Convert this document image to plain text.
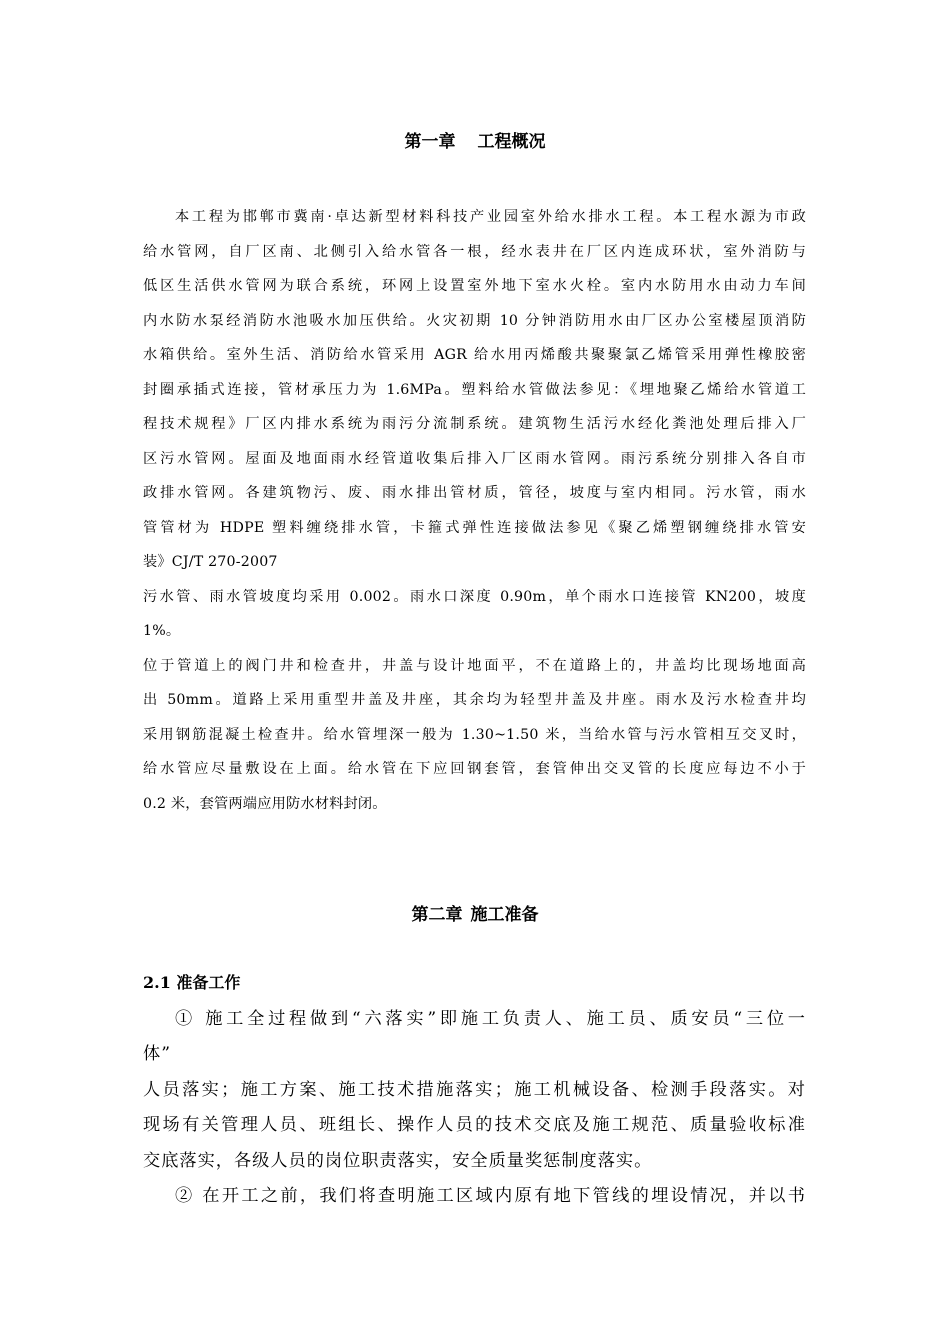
第一章 工程概况
本工程为邯郸市冀南·卓达新型材料科技产业园室外给水排水工程。本工程水源为市政
给水管网，自厂区南、北侧引入给水管各一根，经水表井在厂区内连成环状，室外消防与
低区生活供水管网为联合系统，环网上设置室外地下室水火栓。室内水防用水由动力车间
内水防水泵经消防水池吸水加压供给。火灾初期 10 分钟消防用水由厂区办公室楼屋顶消防
水箱供给。室外生活、消防给水管采用 AGR 给水用丙烯酸共聚聚氯乙烯管采用弹性橡胶密
封圈承插式连接，管材承压力为 1.6MPa。塑料给水管做法参见：《埋地聚乙烯给水管道工
程技术规程》厂区内排水系统为雨污分流制系统。建筑物生活污水经化粪池处理后排入厂
区污水管网。屋面及地面雨水经管道收集后排入厂区雨水管网。雨污系统分别排入各自市
政排水管网。各建筑物污、废、雨水排出管材质，管径，坡度与室内相同。污水管，雨水
管管材为 HDPE 塑料缠绕排水管，卡箍式弹性连接做法参见《聚乙烯塑钢缠绕排水管安
装》CJ/T 270-2007
污水管、雨水管坡度均采用 0.002。雨水口深度 0.90m，单个雨水口连接管 KN200，坡度
1%。
位于管道上的阀门井和检查井，井盖与设计地面平，不在道路上的，井盖均比现场地面高
出 50mm。道路上采用重型井盖及井座，其余均为轻型井盖及井座。雨水及污水检查井均
采用钢筋混凝土检查井。给水管埋深一般为 1.30~1.50 米，当给水管与污水管相互交叉时，
给水管应尽量敷设在上面。给水管在下应回钢套管，套管伸出交叉管的长度应每边不小于
0.2 米，套管两端应用防水材料封闭。
第二章 施工准备
2.1 准备工作
① 施工全过程做到“六落实”即施工负责人、施工员、质安员“三位一
体”
人员落实；施工方案、施工技术措施落实；施工机械设备、检测手段落实。对
现场有关管理人员、班组长、操作人员的技术交底及施工规范、质量验收标准
交底落实，各级人员的岗位职责落实，安全质量奖惩制度落实。
② 在开工之前，我们将查明施工区域内原有地下管线的埋设情况，并以书
